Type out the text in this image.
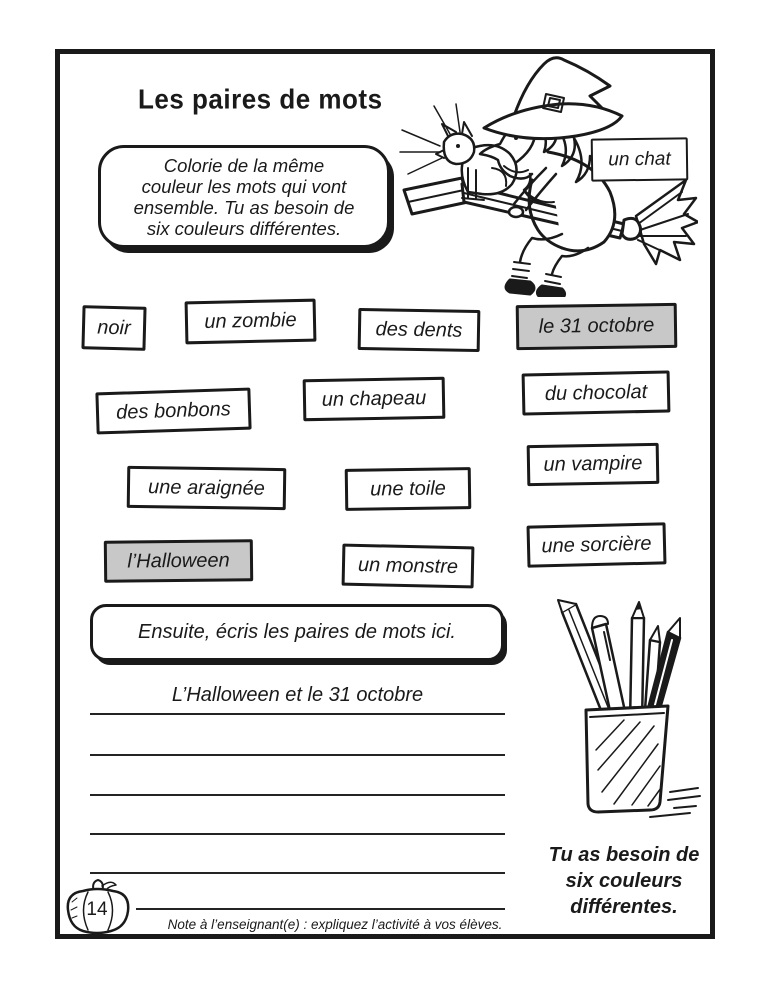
Les paires de mots
Colorie de la même
couleur les mots qui vont
ensemble. Tu as besoin de
six couleurs différentes.
un chat
noir	un zombie	des dents	le 31 octobre
des bonbons	un chapeau	du chocolat
une araignée	une toile
un vampire
l’Halloween	un monstre
une sorcière
Ensuite, écris les paires de mots ici.
L’Halloween et le 31 octobre
Tu as besoin de
six couleurs
différentes.
14
Note à l’enseignant(e) : expliquez l’activité à vos élèves.
